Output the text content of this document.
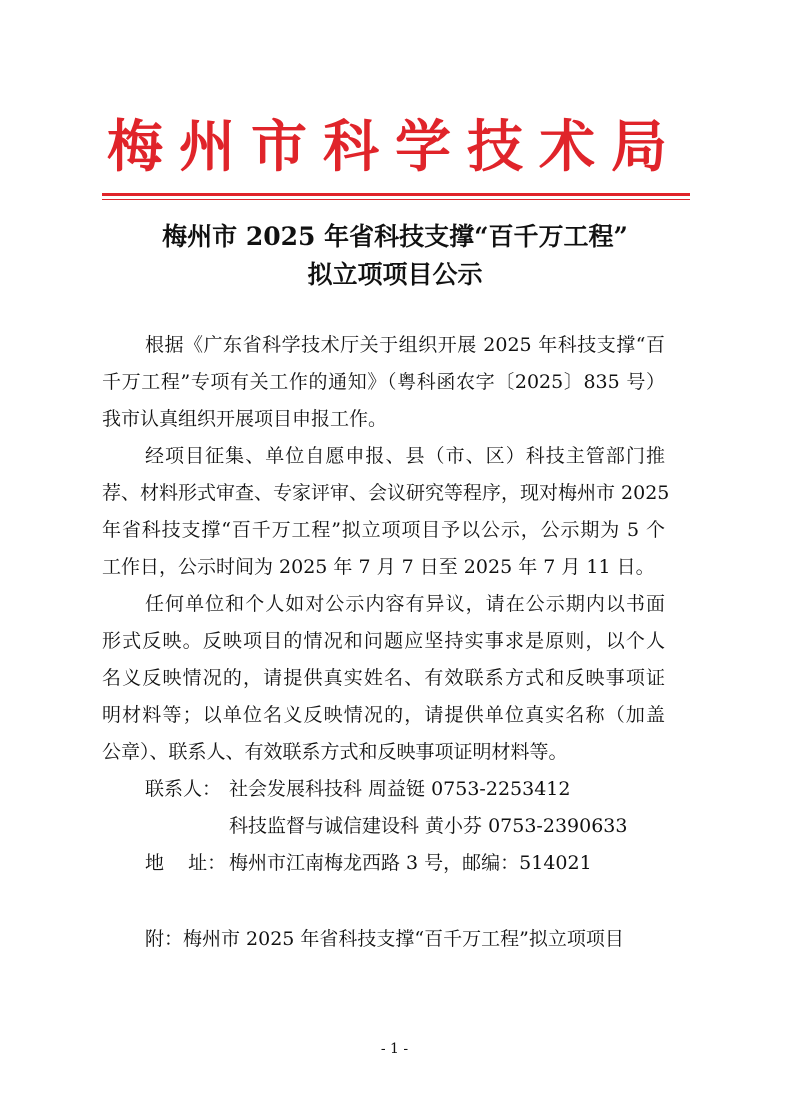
梅州市科学技术局
梅州市 2025 年省科技支撑“百千万工程”
拟立项项目公示
根据《广东省科学技术厅关于组织开展 2025 年科技支撑“百
千万工程”专项有关工作的通知》（粤科函农字〔2025〕835 号）
我市认真组织开展项目申报工作。
经项目征集、单位自愿申报、县（市、区）科技主管部门推
荐、材料形式审查、专家评审、会议研究等程序，现对梅州市 2025
年省科技支撑“百千万工程”拟立项项目予以公示，公示期为 5 个
工作日，公示时间为 2025 年 7 月 7 日至 2025 年 7 月 11 日。
任何单位和个人如对公示内容有异议，请在公示期内以书面
形式反映。反映项目的情况和问题应坚持实事求是原则，以个人
名义反映情况的，请提供真实姓名、有效联系方式和反映事项证
明材料等；以单位名义反映情况的，请提供单位真实名称（加盖
公章）、联系人、有效联系方式和反映事项证明材料等。
联系人： 社会发展科技科 周益铤 0753-2253412
科技监督与诚信建设科 黄小芬 0753-2390633
地    址： 梅州市江南梅龙西路 3 号，邮编：514021
附：梅州市 2025 年省科技支撑“百千万工程”拟立项项目
- 1 -
